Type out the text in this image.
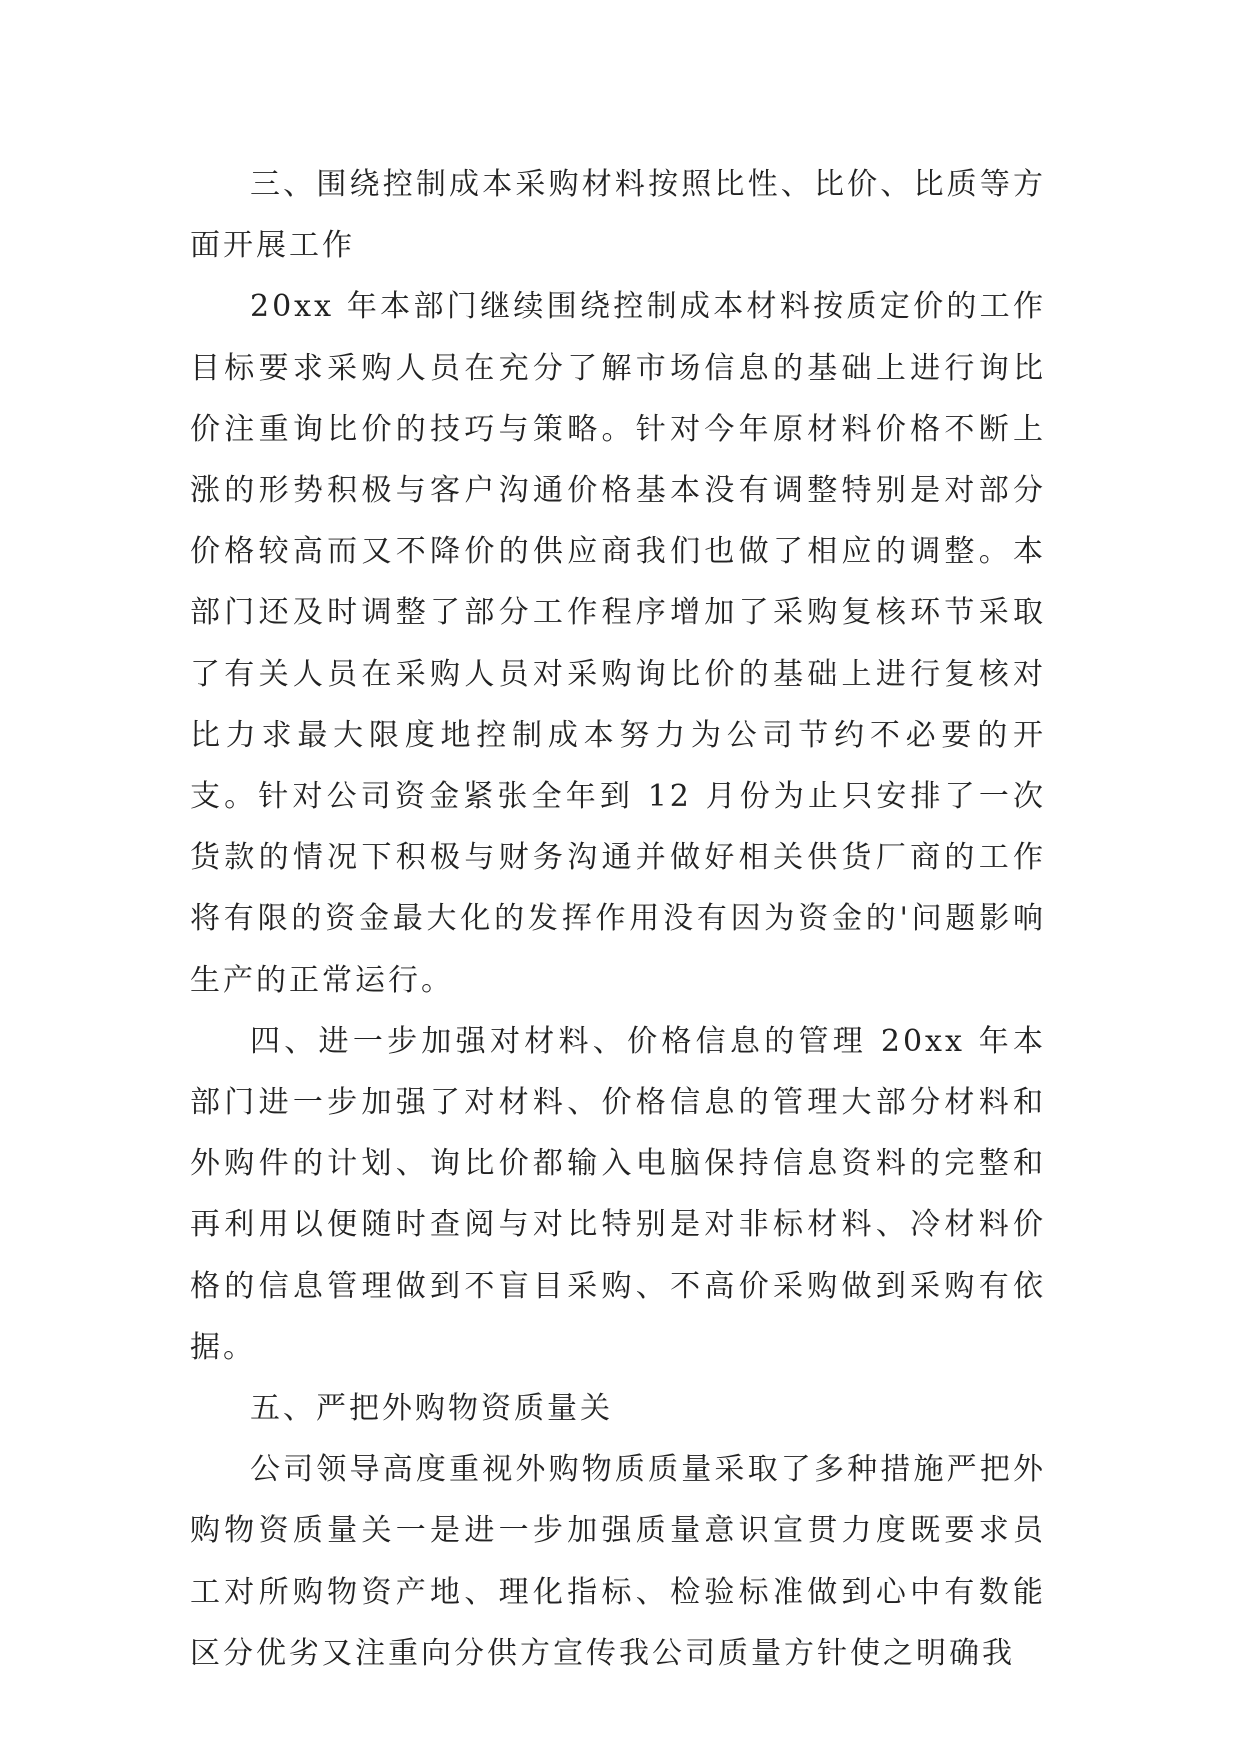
三、围绕控制成本采购材料按照比性、比价、比质等方面开展工作

20xx 年本部门继续围绕控制成本材料按质定价的工作目标要求采购人员在充分了解市场信息的基础上进行询比价注重询比价的技巧与策略。针对今年原材料价格不断上涨的形势积极与客户沟通价格基本没有调整特别是对部分价格较高而又不降价的供应商我们也做了相应的调整。本部门还及时调整了部分工作程序增加了采购复核环节采取了有关人员在采购人员对采购询比价的基础上进行复核对比力求最大限度地控制成本努力为公司节约不必要的开支。针对公司资金紧张全年到 12 月份为止只安排了一次货款的情况下积极与财务沟通并做好相关供货厂商的工作将有限的资金最大化的发挥作用没有因为资金的'问题影响生产的正常运行。

四、进一步加强对材料、价格信息的管理 20xx 年本部门进一步加强了对材料、价格信息的管理大部分材料和外购件的计划、询比价都输入电脑保持信息资料的完整和再利用以便随时查阅与对比特别是对非标材料、冷材料价格的信息管理做到不盲目采购、不高价采购做到采购有依据。

五、严把外购物资质量关

公司领导高度重视外购物质质量采取了多种措施严把外购物资质量关一是进一步加强质量意识宣贯力度既要求员工对所购物资产地、理化指标、检验标准做到心中有数能区分优劣又注重向分供方宣传我公司质量方针使之明确我
